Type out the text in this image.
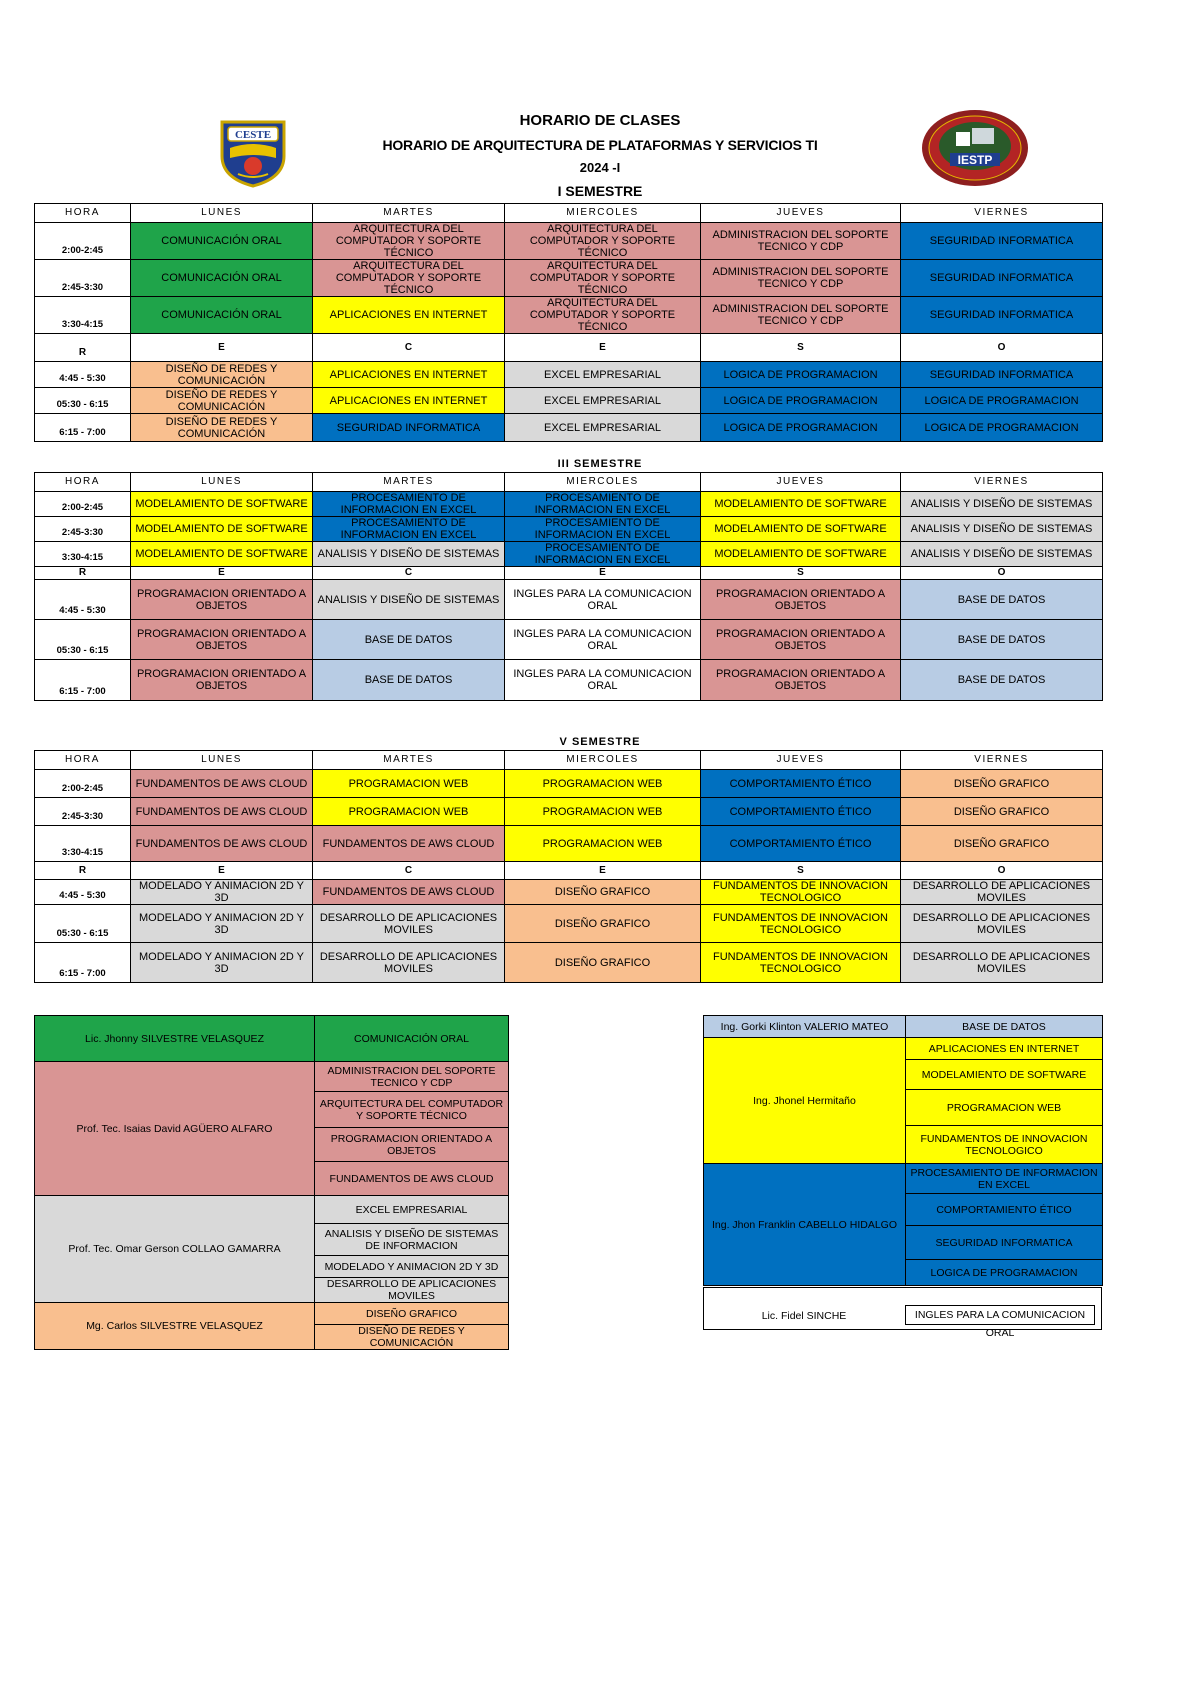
HORARIO DE CLASES
HORARIO DE ARQUITECTURA DE PLATAFORMAS Y SERVICIOS TI
2024 -I
I SEMESTRE
CESTE
IESTP
HORA	LUNES	MARTES	MIERCOLES	JUEVES	VIERNES
2:00-2:45	COMUNICACIÓN ORAL	ARQUITECTURA DEL COMPUTADOR Y SOPORTE TÉCNICO	ARQUITECTURA DEL COMPUTADOR Y SOPORTE TÉCNICO	ADMINISTRACION DEL SOPORTE TECNICO Y CDP	SEGURIDAD INFORMATICA
2:45-3:30	COMUNICACIÓN ORAL	ARQUITECTURA DEL COMPUTADOR Y SOPORTE TÉCNICO	ARQUITECTURA DEL COMPUTADOR Y SOPORTE TÉCNICO	ADMINISTRACION DEL SOPORTE TECNICO Y CDP	SEGURIDAD INFORMATICA
3:30-4:15	COMUNICACIÓN ORAL	APLICACIONES EN INTERNET	ARQUITECTURA DEL COMPUTADOR Y SOPORTE TÉCNICO	ADMINISTRACION DEL SOPORTE TECNICO Y CDP	SEGURIDAD INFORMATICA
R	E	C	E	S	O
4:45 - 5:30	DISEÑO DE REDES Y COMUNICACIÓN	APLICACIONES EN INTERNET	EXCEL EMPRESARIAL	LOGICA DE PROGRAMACION	SEGURIDAD INFORMATICA
05:30 - 6:15	DISEÑO DE REDES Y COMUNICACIÓN	APLICACIONES EN INTERNET	EXCEL EMPRESARIAL	LOGICA DE PROGRAMACION	LOGICA DE PROGRAMACION
6:15 - 7:00	DISEÑO DE REDES Y COMUNICACIÓN	SEGURIDAD INFORMATICA	EXCEL EMPRESARIAL	LOGICA DE PROGRAMACION	LOGICA DE PROGRAMACION
III SEMESTRE
HORA	LUNES	MARTES	MIERCOLES	JUEVES	VIERNES
2:00-2:45	MODELAMIENTO DE SOFTWARE	PROCESAMIENTO DE INFORMACION EN EXCEL	PROCESAMIENTO DE INFORMACION EN EXCEL	MODELAMIENTO DE SOFTWARE	ANALISIS Y DISEÑO DE SISTEMAS
2:45-3:30	MODELAMIENTO DE SOFTWARE	PROCESAMIENTO DE INFORMACION EN EXCEL	PROCESAMIENTO DE INFORMACION EN EXCEL	MODELAMIENTO DE SOFTWARE	ANALISIS Y DISEÑO DE SISTEMAS
3:30-4:15	MODELAMIENTO DE SOFTWARE	ANALISIS Y DISEÑO DE SISTEMAS	PROCESAMIENTO DE INFORMACION EN EXCEL	MODELAMIENTO DE SOFTWARE	ANALISIS Y DISEÑO DE SISTEMAS
R	E	C	E	S	O
4:45 - 5:30	PROGRAMACION ORIENTADO A OBJETOS	ANALISIS Y DISEÑO DE SISTEMAS	INGLES PARA LA COMUNICACION ORAL	PROGRAMACION ORIENTADO A OBJETOS	BASE DE DATOS
05:30 - 6:15	PROGRAMACION ORIENTADO A OBJETOS	BASE DE DATOS	INGLES PARA LA COMUNICACION ORAL	PROGRAMACION ORIENTADO A OBJETOS	BASE DE DATOS
6:15 - 7:00	PROGRAMACION ORIENTADO A OBJETOS	BASE DE DATOS	INGLES PARA LA COMUNICACION ORAL	PROGRAMACION ORIENTADO A OBJETOS	BASE DE DATOS
V SEMESTRE
HORA	LUNES	MARTES	MIERCOLES	JUEVES	VIERNES
2:00-2:45	FUNDAMENTOS DE AWS CLOUD	PROGRAMACION WEB	PROGRAMACION WEB	COMPORTAMIENTO ÉTICO	DISEÑO GRAFICO
2:45-3:30	FUNDAMENTOS DE AWS CLOUD	PROGRAMACION WEB	PROGRAMACION WEB	COMPORTAMIENTO ÉTICO	DISEÑO GRAFICO
3:30-4:15	FUNDAMENTOS DE AWS CLOUD	FUNDAMENTOS DE AWS CLOUD	PROGRAMACION WEB	COMPORTAMIENTO ÉTICO	DISEÑO GRAFICO
R	E	C	E	S	O
4:45 - 5:30	MODELADO Y ANIMACION 2D Y 3D	FUNDAMENTOS DE AWS CLOUD	DISEÑO GRAFICO	FUNDAMENTOS DE INNOVACION TECNOLOGICO	DESARROLLO DE APLICACIONES MOVILES
05:30 - 6:15	MODELADO Y ANIMACION 2D Y 3D	DESARROLLO DE APLICACIONES MOVILES	DISEÑO GRAFICO	FUNDAMENTOS DE INNOVACION TECNOLOGICO	DESARROLLO DE APLICACIONES MOVILES
6:15 - 7:00	MODELADO Y ANIMACION 2D Y 3D	DESARROLLO DE APLICACIONES MOVILES	DISEÑO GRAFICO	FUNDAMENTOS DE INNOVACION TECNOLOGICO	DESARROLLO DE APLICACIONES MOVILES
Lic. Jhonny SILVESTRE VELASQUEZ	COMUNICACIÓN ORAL
Prof. Tec. Isaias David AGÜERO ALFARO	ADMINISTRACION DEL SOPORTE TECNICO Y CDP
	ARQUITECTURA DEL COMPUTADOR Y SOPORTE TÉCNICO
	PROGRAMACION ORIENTADO A OBJETOS
	FUNDAMENTOS DE AWS CLOUD
Prof. Tec. Omar Gerson COLLAO GAMARRA	EXCEL EMPRESARIAL
	ANALISIS Y DISEÑO DE SISTEMAS DE INFORMACION
	MODELADO Y ANIMACION 2D Y 3D
	DESARROLLO DE APLICACIONES MOVILES
Mg. Carlos SILVESTRE VELASQUEZ	DISEÑO GRAFICO
	DISEÑO DE REDES Y COMUNICACIÓN
Ing. Gorki Klinton VALERIO MATEO	BASE DE DATOS
Ing. Jhonel Hermitaño	APLICACIONES EN INTERNET
	MODELAMIENTO DE SOFTWARE
	PROGRAMACION WEB
	FUNDAMENTOS DE INNOVACION TECNOLOGICO
Ing. Jhon Franklin CABELLO HIDALGO	PROCESAMIENTO DE INFORMACION EN EXCEL
	COMPORTAMIENTO ÉTICO
	SEGURIDAD INFORMATICA
	LOGICA DE PROGRAMACION
Lic. Fidel SINCHE	INGLES PARA LA COMUNICACION ORAL
